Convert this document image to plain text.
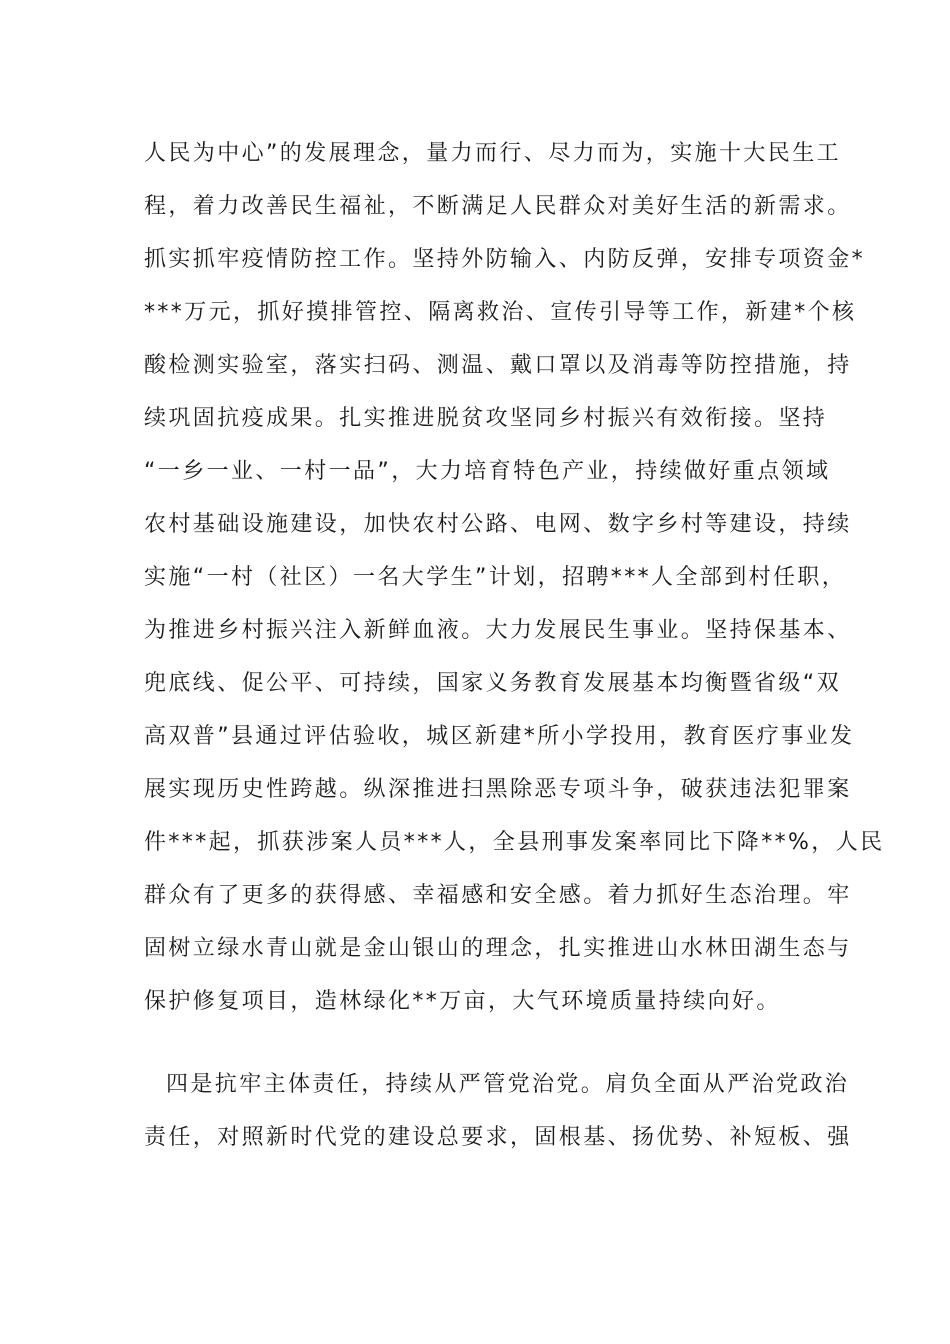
人民为中心”的发展理念，量力而行、尽力而为，实施十大民生工
程，着力改善民生福祉，不断满足人民群众对美好生活的新需求。
抓实抓牢疫情防控工作。坚持外防输入、内防反弹，安排专项资金*
***万元，抓好摸排管控、隔离救治、宣传引导等工作，新建*个核
酸检测实验室，落实扫码、测温、戴口罩以及消毒等防控措施，持
续巩固抗疫成果。扎实推进脱贫攻坚同乡村振兴有效衔接。坚持
“一乡一业、一村一品”，大力培育特色产业，持续做好重点领域
农村基础设施建设，加快农村公路、电网、数字乡村等建设，持续
实施“一村（社区）一名大学生”计划，招聘***人全部到村任职，
为推进乡村振兴注入新鲜血液。大力发展民生事业。坚持保基本、
兜底线、促公平、可持续，国家义务教育发展基本均衡暨省级“双
高双普”县通过评估验收，城区新建*所小学投用，教育医疗事业发
展实现历史性跨越。纵深推进扫黑除恶专项斗争，破获违法犯罪案
件***起，抓获涉案人员***人，全县刑事发案率同比下降**%，人民
群众有了更多的获得感、幸福感和安全感。着力抓好生态治理。牢
固树立绿水青山就是金山银山的理念，扎实推进山水林田湖生态与
保护修复项目，造林绿化**万亩，大气环境质量持续向好。
四是抗牢主体责任，持续从严管党治党。肩负全面从严治党政治
责任，对照新时代党的建设总要求，固根基、扬优势、补短板、强
